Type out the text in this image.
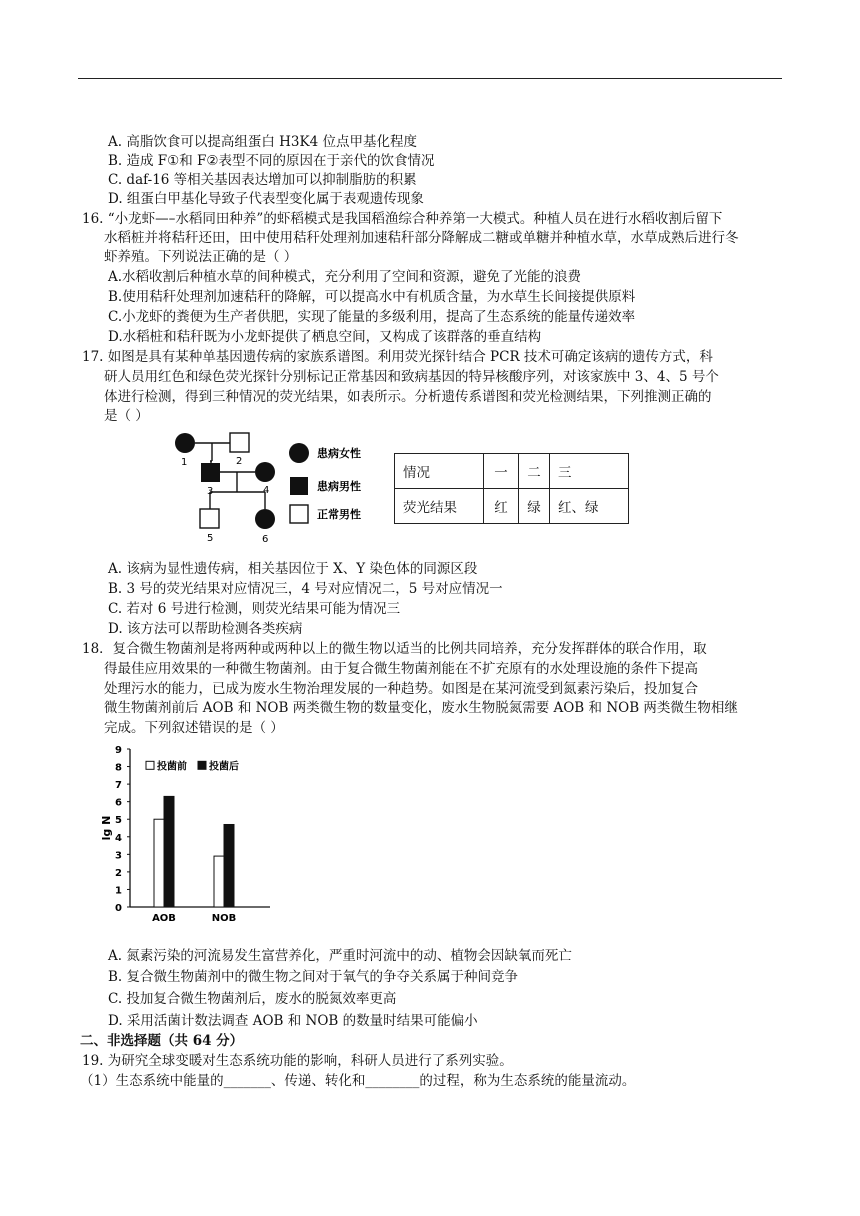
A. 高脂饮食可以提高组蛋白 H3K4 位点甲基化程度
B. 造成 F①和 F②表型不同的原因在于亲代的饮食情况
C. daf-16 等相关基因表达增加可以抑制脂肪的积累
D. 组蛋白甲基化导致子代表型变化属于表观遗传现象
16. “小龙虾—–水稻同田种养”的虾稻模式是我国稻渔综合种养第一大模式。种植人员在进行水稻收割后留下
水稻桩并将秸秆还田，田中使用秸秆处理剂加速秸秆部分降解成二糖或单糖并种植水草，水草成熟后进行冬
虾养殖。下列说法正确的是（ ）
A.水稻收割后种植水草的间种模式，充分利用了空间和资源，避免了光能的浪费
B.使用秸秆处理剂加速秸秆的降解，可以提高水中有机质含量，为水草生长间接提供原料
C.小龙虾的粪便为生产者供肥，实现了能量的多级利用，提高了生态系统的能量传递效率
D.水稻桩和秸秆既为小龙虾提供了栖息空间，又构成了该群落的垂直结构
17. 如图是具有某种单基因遗传病的家族系谱图。利用荧光探针结合 PCR 技术可确定该病的遗传方式，科
研人员用红色和绿色荧光探针分别标记正常基因和致病基因的特异核酸序列，对该家族中 3、4、5 号个
体进行检测，得到三种情况的荧光结果，如表所示。分析遗传系谱图和荧光检测结果，下列推测正确的
是（ ）
1	2
3	4
5	6
患病女性
患病男性
正常男性
情况	一	二	三
荧光结果	红	绿	红、绿
A. 该病为显性遗传病，相关基因位于 X、Y 染色体的同源区段
B. 3 号的荧光结果对应情况三，4 号对应情况二，5 号对应情况一
C. 若对 6 号进行检测，则荧光结果可能为情况三
D. 该方法可以帮助检测各类疾病
18．复合微生物菌剂是将两种或两种以上的微生物以适当的比例共同培养，充分发挥群体的联合作用，取
得最佳应用效果的一种微生物菌剂。由于复合微生物菌剂能在不扩充原有的水处理设施的条件下提高
处理污水的能力，已成为废水生物治理发展的一种趋势。如图是在某河流受到氮素污染后，投加复合
微生物菌剂前后 AOB 和 NOB 两类微生物的数量变化，废水生物脱氮需要 AOB 和 NOB 两类微生物相继
完成。下列叙述错误的是（ ）
0
1
2
3
4
5
6
7
8
9
lg N
AOB	NOB
投菌前 投菌后
A. 氮素污染的河流易发生富营养化，严重时河流中的动、植物会因缺氧而死亡
B. 复合微生物菌剂中的微生物之间对于氧气的争夺关系属于种间竞争
C. 投加复合微生物菌剂后，废水的脱氮效率更高
D. 采用活菌计数法调查 AOB 和 NOB 的数量时结果可能偏小
二、非选择题（共 64 分）
19. 为研究全球变暖对生态系统功能的影响，科研人员进行了系列实验。
（1）生态系统中能量的_______、传递、转化和________的过程，称为生态系统的能量流动。
